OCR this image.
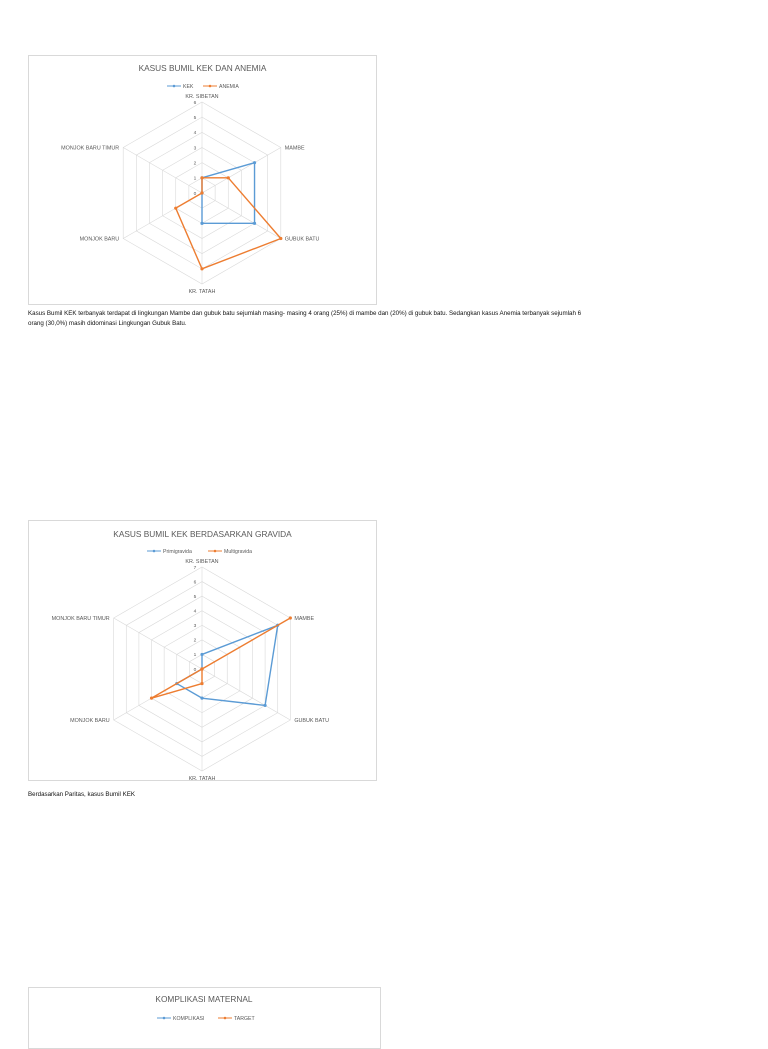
KASUS BUMIL KEK DAN ANEMIA
KEK	ANEMIA
0
1
2
3
4
5
6
KR. SIBETAN
MAMBE
GUBUK BATU
KR. TATAH
MONJOK BARU
MONJOK BARU TIMUR
Kasus Bumil KEK terbanyak terdapat di lingkungan Mambe dan gubuk batu sejumlah masing- masing 4 orang (25%) di mambe dan (20%) di gubuk batu. Sedangkan kasus Anemia terbanyak sejumlah 6
orang (30,0%) masih didominasi Lingkungan Gubuk Batu.
KASUS BUMIL KEK BERDASARKAN GRAVIDA
Primigravida	Multigravida
0
1
2
3
4
5
6
7
KR. SIBETAN
MAMBE
GUBUK BATU
KR. TATAH
MONJOK BARU
MONJOK BARU TIMUR
Berdasarkan Paritas, kasus Bumil KEK
KOMPLIKASI MATERNAL
KOMPLIKASI	TARGET
